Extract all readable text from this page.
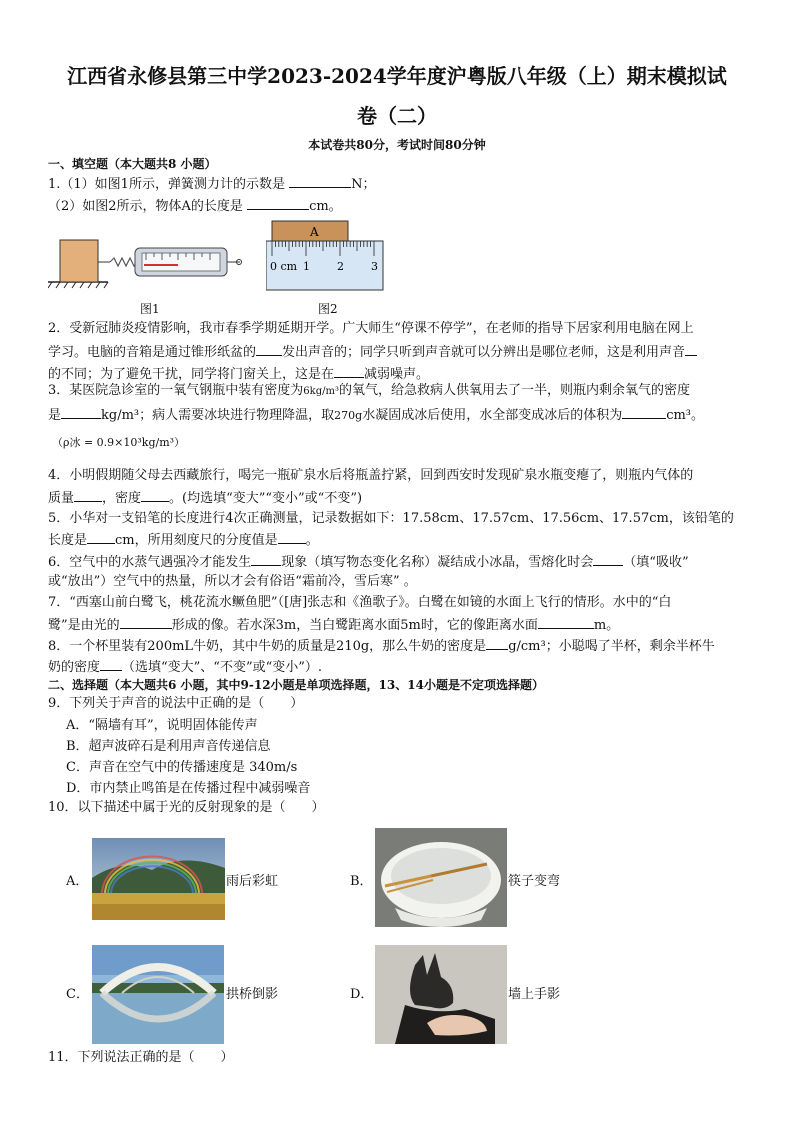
江西省永修县第三中学2023-2024学年度沪粤版八年级（上）期末模拟试
卷（二）
本试卷共80分，考试时间80分钟
一、填空题（本大题共8 小题）
1.（1）如图1所示，弹簧测力计的示数是	N；
（2）如图2所示，物体A的长度是	cm。
图1
A
0 cm 1 2 3
图2
2．受新冠肺炎疫情影响，我市春季学期延期开学。广大师生“停课不停学”，在老师的指导下居家利用电脑在网上
学习。电脑的音箱是通过锥形纸盆的 发出声音的；同学只听到声音就可以分辨出是哪位老师，这是利用声音
的不同；为了避免干扰，同学将门窗关上，这是在 减弱噪声。
3．某医院急诊室的一氧气钢瓶中装有密度为6kg/m³的氧气，给急救病人供氧用去了一半，则瓶内剩余氧气的密度
是	kg/m³；病人需要冰块进行物理降温，取270g水凝固成冰后使用，水全部变成冰后的体积为	cm³。
（ρ冰 = 0.9×10³kg/m³）
4．小明假期随父母去西藏旅行，喝完一瓶矿泉水后将瓶盖拧紧，回到西安时发现矿泉水瓶变瘪了，则瓶内气体的
质量 ，密度 。(均选填“变大”“变小”或“不变”)
5．小华对一支铅笔的长度进行4次正确测量，记录数据如下：17.58cm、17.57cm、17.56cm、17.57cm，该铅笔的
长度是 cm，所用刻度尺的分度值是 。
6．空气中的水蒸气遇强冷才能发生 现象（填写物态变化名称）凝结成小冰晶，雪熔化时会 （填“吸收”
或“放出”）空气中的热量，所以才会有俗语“霜前冷，雪后寒” 。
7．“西塞山前白鹭飞，桃花流水鳜鱼肥”（[唐]张志和《渔歌子》。白鹭在如镜的水面上飞行的情形。水中的“白
鹭”是由光的	形成的像。若水深3m，当白鹭距离水面5m时，它的像距离水面	m。
8．一个杯里装有200mL牛奶，其中牛奶的质量是210g，那么牛奶的密度是 g/cm³；小聪喝了半杯，剩余半杯牛
奶的密度 （选填“变大”、“不变”或“变小”）.
二、选择题（本大题共6 小题，其中9-12小题是单项选择题，13、14小题是不定项选择题）
9．下列关于声音的说法中正确的是（　　）
A．“隔墙有耳”，说明固体能传声
B．超声波碎石是利用声音传递信息
C．声音在空气中的传播速度是 340m/s
D．市内禁止鸣笛是在传播过程中减弱噪音
10．以下描述中属于光的反射现象的是（　　）
A．	雨后彩虹	B．	筷子变弯
C．	拱桥倒影	D．	墙上手影
11．下列说法正确的是（　　）
